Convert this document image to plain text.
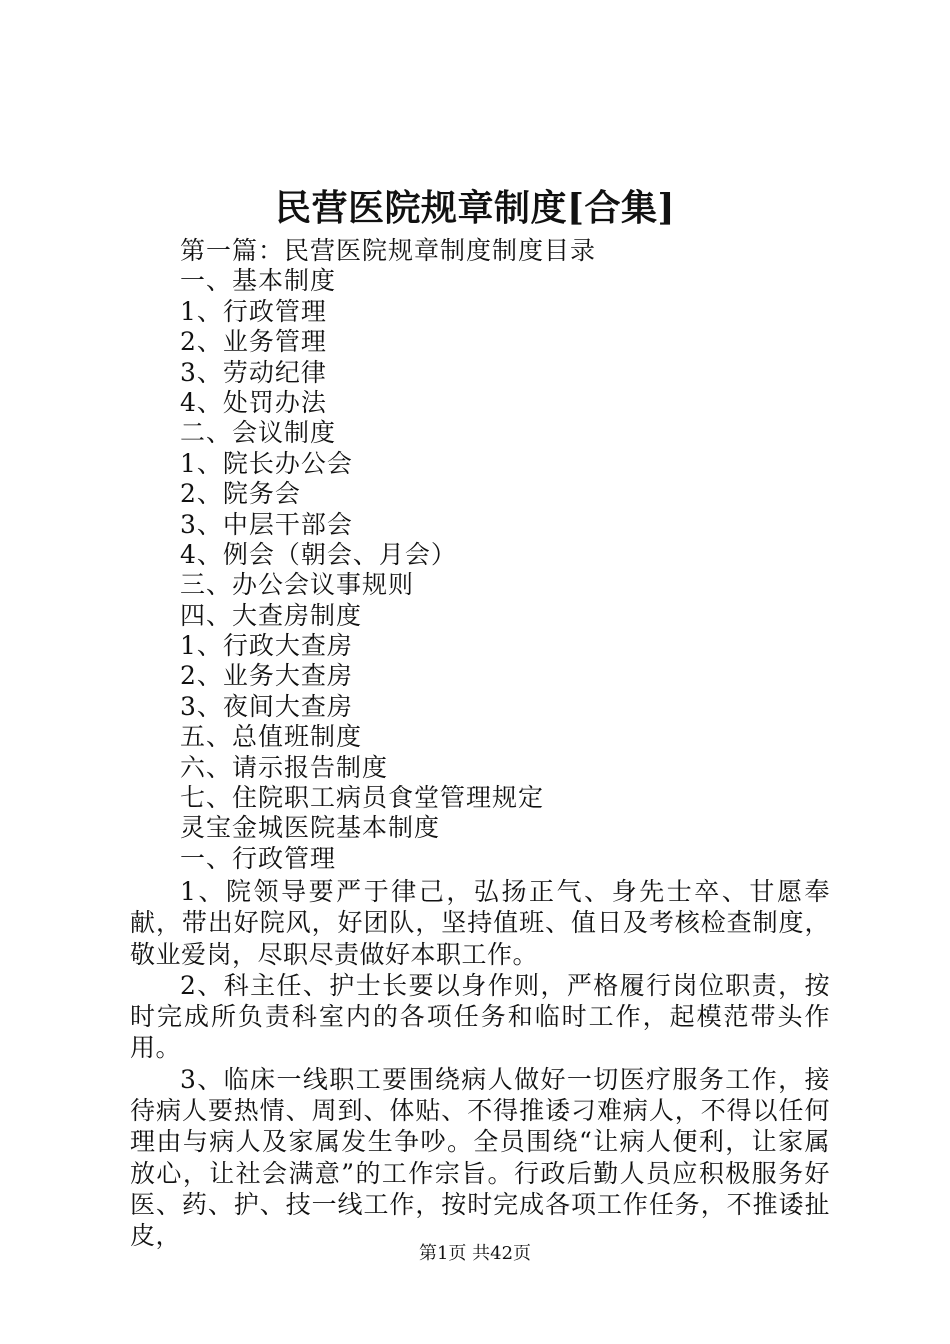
民营医院规章制度[合集]
第一篇：民营医院规章制度制度目录
一、基本制度
1、行政管理
2、业务管理
3、劳动纪律
4、处罚办法
二、会议制度
1、院长办公会
2、院务会
3、中层干部会
4、例会（朝会、月会）
三、办公会议事规则
四、大查房制度
1、行政大查房
2、业务大查房
3、夜间大查房
五、总值班制度
六、请示报告制度
七、住院职工病员食堂管理规定
灵宝金城医院基本制度
一、行政管理

1、院领导要严于律己，弘扬正气、身先士卒、甘愿奉献，带出好院风，好团队，坚持值班、值日及考核检查制度，敬业爱岗，尽职尽责做好本职工作。

2、科主任、护士长要以身作则，严格履行岗位职责，按时完成所负责科室内的各项任务和临时工作，起模范带头作用。

3、临床一线职工要围绕病人做好一切医疗服务工作，接待病人要热情、周到、体贴、不得推诿刁难病人，不得以任何理由与病人及家属发生争吵。全员围绕“让病人便利，让家属放心，让社会满意”的工作宗旨。行政后勤人员应积极服务好医、药、护、技一线工作，按时完成各项工作任务，不推诿扯皮，

第1页 共42页
